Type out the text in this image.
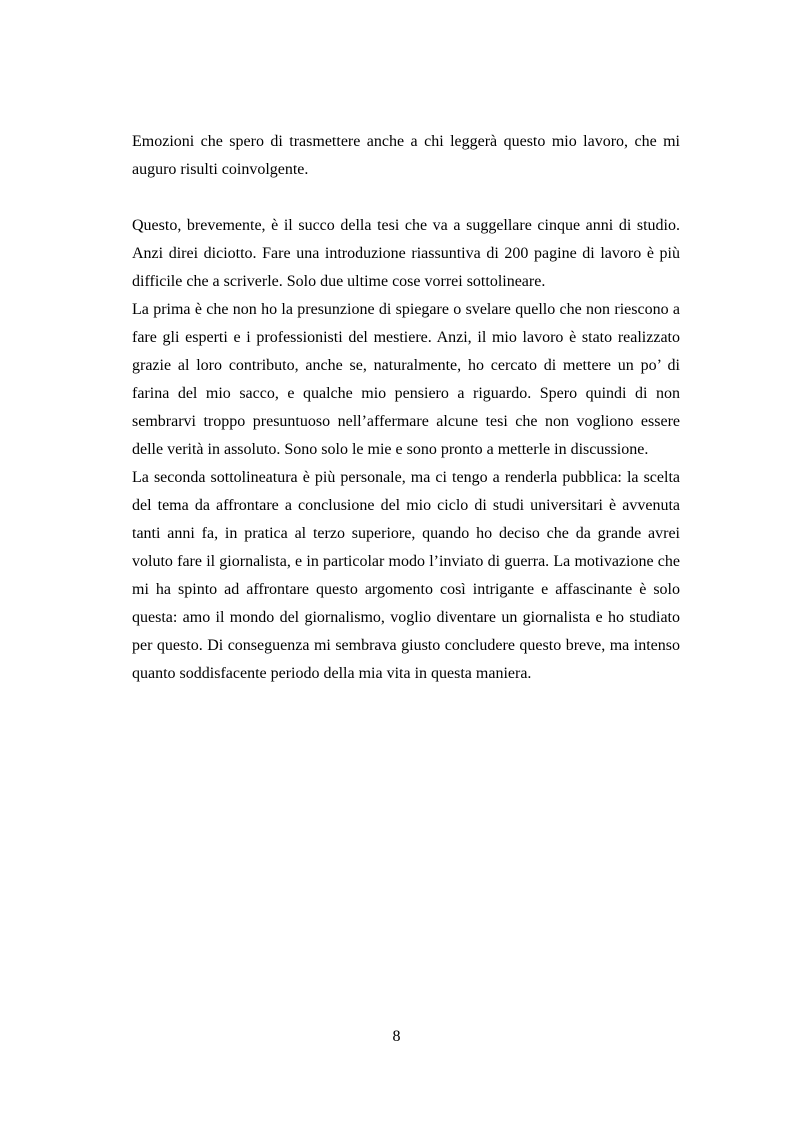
Emozioni che spero di trasmettere anche a chi leggerà questo mio lavoro, che mi auguro risulti coinvolgente.

Questo, brevemente, è il succo della tesi che va a suggellare cinque anni di studio. Anzi direi diciotto. Fare una introduzione riassuntiva di 200 pagine di lavoro è più difficile che a scriverle. Solo due ultime cose vorrei sottolineare.

La prima è che non ho la presunzione di spiegare o svelare quello che non riescono a fare gli esperti e i professionisti del mestiere. Anzi, il mio lavoro è stato realizzato grazie al loro contributo, anche se, naturalmente, ho cercato di mettere un po’ di farina del mio sacco, e qualche mio pensiero a riguardo. Spero quindi di non sembrarvi troppo presuntuoso nell’affermare alcune tesi che non vogliono essere delle verità in assoluto. Sono solo le mie e sono pronto a metterle in discussione.

La seconda sottolineatura è più personale, ma ci tengo a renderla pubblica: la scelta del tema da affrontare a conclusione del mio ciclo di studi universitari è avvenuta tanti anni fa, in pratica al terzo superiore, quando ho deciso che da grande avrei voluto fare il giornalista, e in particolar modo l’inviato di guerra. La motivazione che mi ha spinto ad affrontare questo argomento così intrigante e affascinante è solo questa: amo il mondo del giornalismo, voglio diventare un giornalista e ho studiato per questo. Di conseguenza mi sembrava giusto concludere questo breve, ma intenso quanto soddisfacente periodo della mia vita in questa maniera.

8
